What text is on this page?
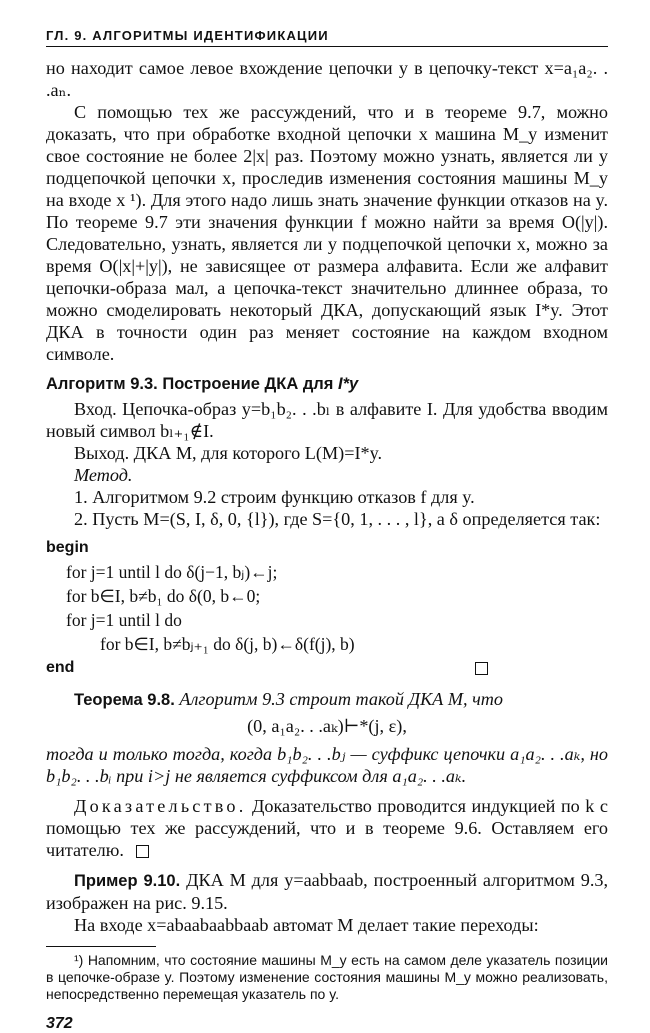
ГЛ. 9. АЛГОРИТМЫ ИДЕНТИФИКАЦИИ

но находит самое левое вхождение цепочки y в цепочку-текст x=a₁a₂. . .aₙ.

С помощью тех же рассуждений, что и в теореме 9.7, можно доказать, что при обработке входной цепочки x машина M_y изменит свое состояние не более 2|x| раз. Поэтому можно узнать, является ли y подцепочкой цепочки x, проследив изменения состояния машины M_y на входе x ¹). Для этого надо лишь знать значение функции отказов на y. По теореме 9.7 эти значения функции f можно найти за время O(|y|). Следовательно, узнать, является ли y подцепочкой цепочки x, можно за время O(|x|+|y|), не зависящее от размера алфавита. Если же алфавит цепочки-образа мал, а цепочка-текст значительно длиннее образа, то можно смоделировать некоторый ДКА, допускающий язык I*y. Этот ДКА в точности один раз меняет состояние на каждом входном символе.

Алгоритм 9.3. Построение ДКА для I*y

Вход. Цепочка-образ y=b₁b₂. . .bₗ в алфавите I. Для удобства вводим новый символ bₗ₊₁∉I.

Выход. ДКА M, для которого L(M)=I*y.

Метод.

1. Алгоритмом 9.2 строим функцию отказов f для y.

2. Пусть M=(S, I, δ, 0, {l}), где S={0, 1, . . . , l}, а δ определяется так:

begin
for j=1 until l do δ(j−1, bⱼ)←j;
for b∈I, b≠b₁ do δ(0, b←0;
for j=1 until l do
for b∈I, b≠bⱼ₊₁ do δ(j, b)←δ(f(j), b)
end

Теорема 9.8. Алгоритм 9.3 строит такой ДКА M, что

(0, a₁a₂. . .aₖ)⊢*(j, ε),

тогда и только тогда, когда b₁b₂. . .bⱼ — суффикс цепочки a₁a₂. . .aₖ, но b₁b₂. . .bᵢ при i>j не является суффиксом для a₁a₂. . .aₖ.

Доказательство. Доказательство проводится индукцией по k с помощью тех же рассуждений, что и в теореме 9.6. Оставляем его читателю.

Пример 9.10. ДКА M для y=aabbaab, построенный алгоритмом 9.3, изображен на рис. 9.15.

На входе x=abaabaabbaab автомат M делает такие переходы:

¹) Напомним, что состояние машины M_y есть на самом деле указатель позиции в цепочке-образе y. Поэтому изменение состояния машины M_y можно реализовать, непосредственно перемещая указатель по y.

372
